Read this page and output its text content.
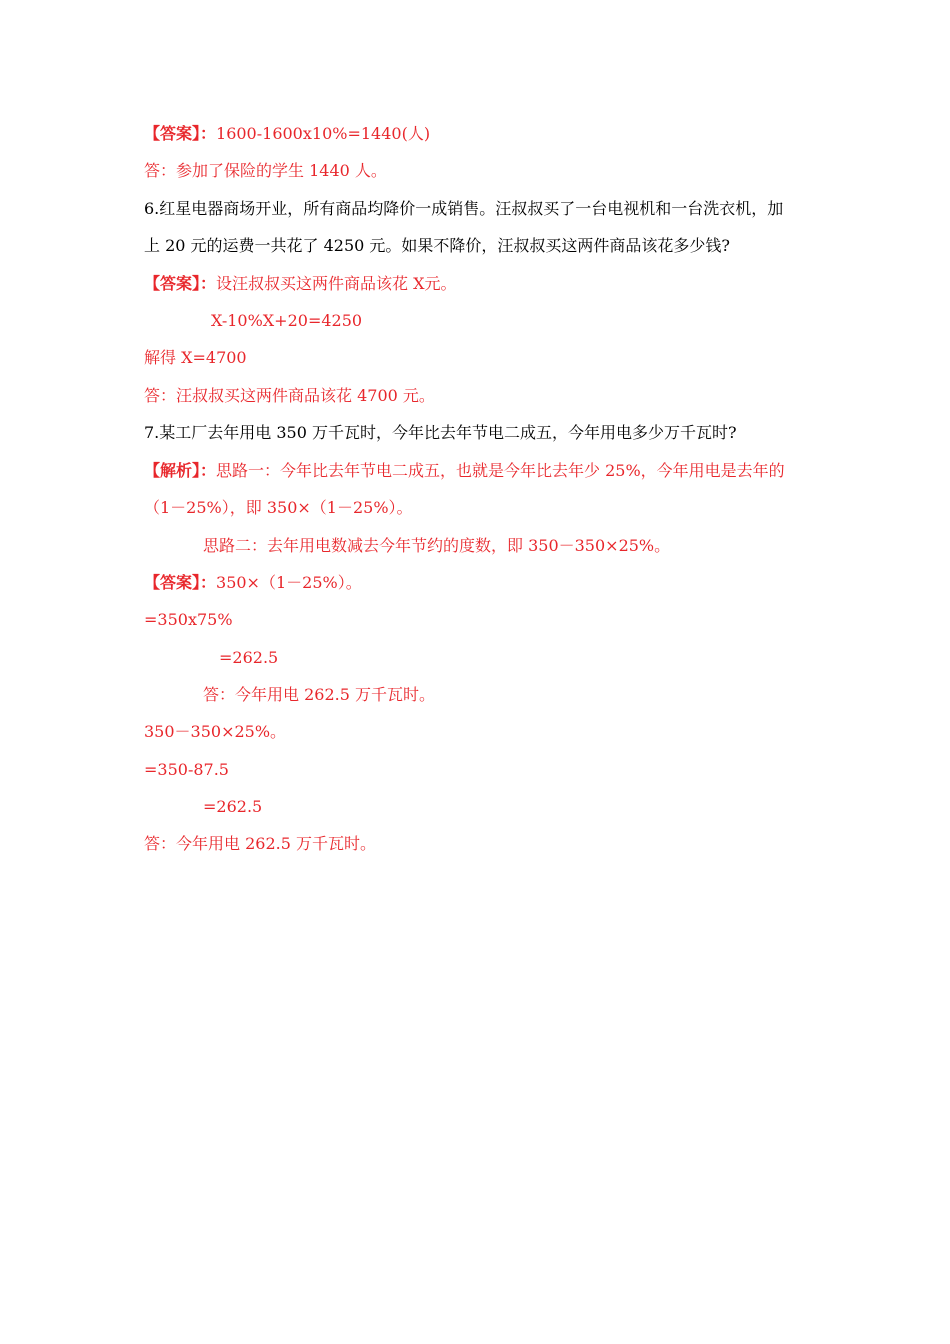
【答案】：1600-1600x10%=1440(人)
答：参加了保险的学生 1440 人。
6.红星电器商场开业，所有商品均降价一成销售。汪叔叔买了一台电视机和一台洗衣机，加
上 20 元的运费一共花了 4250 元。如果不降价，汪叔叔买这两件商品该花多少钱?
【答案】：设汪叔叔买这两件商品该花 X元。
X-10%X+20=4250
解得 X=4700
答：汪叔叔买这两件商品该花 4700 元。
7.某工厂去年用电 350 万千瓦时，今年比去年节电二成五，今年用电多少万千瓦时?
【解析】：思路一：今年比去年节电二成五，也就是今年比去年少 25%，今年用电是去年的
（1－25%），即 350×（1－25%）。
思路二：去年用电数减去今年节约的度数，即 350－350×25%。
【答案】：350×（1－25%）。
=350x75%
=262.5
答：今年用电 262.5 万千瓦时。
350－350×25%。
=350-87.5
=262.5
答：今年用电 262.5 万千瓦时。
